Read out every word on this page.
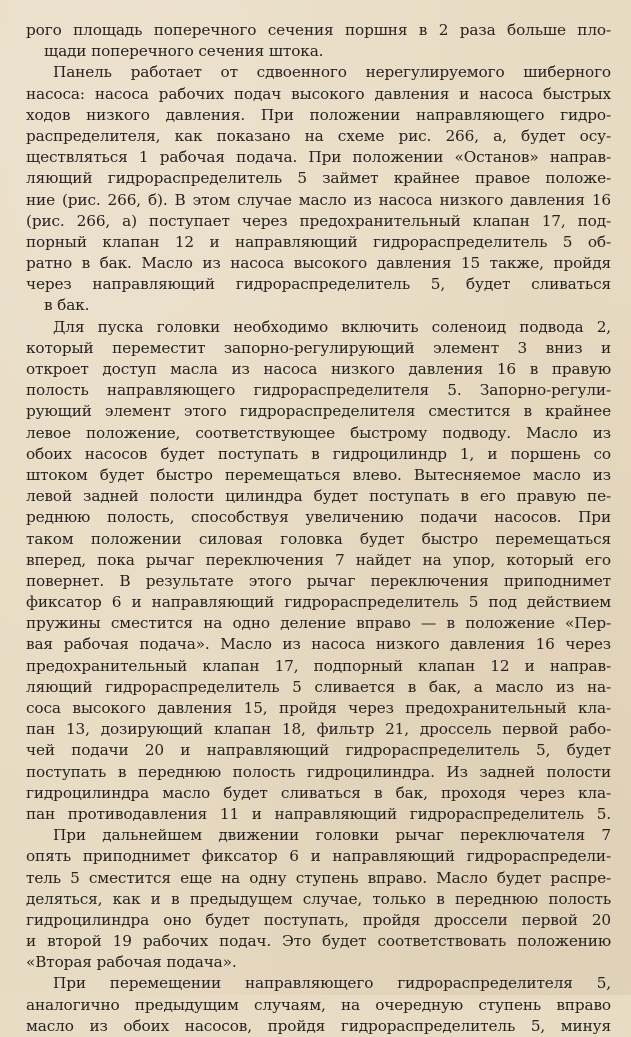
рого площадь поперечного сечения поршня в 2 раза больше пло-
щади поперечного сечения штока.
Панель работает от сдвоенного нерегулируемого шиберного
насоса: насоса рабочих подач высокого давления и насоса быстрых
ходов низкого давления. При положении направляющего гидро-
распределителя, как показано на схеме рис. 266, а, будет осу-
ществляться 1 рабочая подача. При положении «Останов» направ-
ляющий гидрораспределитель 5 займет крайнее правое положе-
ние (рис. 266, б). В этом случае масло из насоса низкого давления 16
(рис. 266, а) поступает через предохранительный клапан 17, под-
порный клапан 12 и направляющий гидрораспределитель 5 об-
ратно в бак. Масло из насоса высокого давления 15 также, пройдя
через направляющий гидрораспределитель 5, будет сливаться
в бак.
Для пуска головки необходимо включить соленоид подвода 2,
который переместит запорно-регулирующий элемент 3 вниз и
откроет доступ масла из насоса низкого давления 16 в правую
полость направляющего гидрораспределителя 5. Запорно-регули-
рующий элемент этого гидрораспределителя сместится в крайнее
левое положение, соответствующее быстрому подводу. Масло из
обоих насосов будет поступать в гидроцилиндр 1, и поршень со
штоком будет быстро перемещаться влево. Вытесняемое масло из
левой задней полости цилиндра будет поступать в его правую пе-
реднюю полость, способствуя увеличению подачи насосов. При
таком положении силовая головка будет быстро перемещаться
вперед, пока рычаг переключения 7 найдет на упор, который его
повернет. В результате этого рычаг переключения приподнимет
фиксатор 6 и направляющий гидрораспределитель 5 под действием
пружины сместится на одно деление вправо — в положение «Пер-
вая рабочая подача». Масло из насоса низкого давления 16 через
предохранительный клапан 17, подпорный клапан 12 и направ-
ляющий гидрораспределитель 5 сливается в бак, а масло из на-
соса высокого давления 15, пройдя через предохранительный кла-
пан 13, дозирующий клапан 18, фильтр 21, дроссель первой рабо-
чей подачи 20 и направляющий гидрораспределитель 5, будет
поступать в переднюю полость гидроцилиндра. Из задней полости
гидроцилиндра масло будет сливаться в бак, проходя через кла-
пан противодавления 11 и направляющий гидрораспределитель 5.
При дальнейшем движении головки рычаг переключателя 7
опять приподнимет фиксатор 6 и направляющий гидрораспредели-
тель 5 сместится еще на одну ступень вправо. Масло будет распре-
деляться, как и в предыдущем случае, только в переднюю полость
гидроцилиндра оно будет поступать, пройдя дроссели первой 20
и второй 19 рабочих подач. Это будет соответствовать положению
«Вторая рабочая подача».
При перемещении направляющего гидрораспределителя 5,
аналогично предыдущим случаям, на очередную ступень вправо
масло из обоих насосов, пройдя гидрораспределитель 5, минуя
